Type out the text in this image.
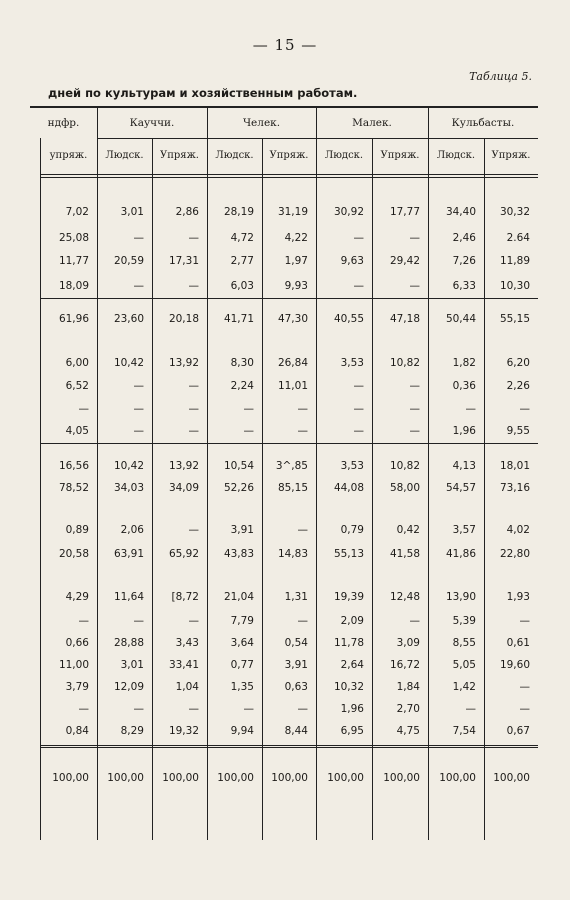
— 15 —
Таблица 5.
дней по культурам и хозяйственным работам.
ндфр.	Кауччи.	Челек.	Малек.	Кульбасты.
упряж.	Людск.	Упряж.	Людск.	Упряж.	Людск.	Упряж.	Людск.	Упряж.
7,02	3,01	2,86	28,19	31,19	30,92	17,77	34,40	30,32
25,08	—	—	4,72	4,22	—	—	2,46	2.64
11,77	20,59	17,31	2,77	1,97	9,63	29,42	7,26	11,89
18,09	—	—	6,03	9,93	—	—	6,33	10,30
61,96	23,60	20,18	41,71	47,30	40,55	47,18	50,44	55,15
6,00	10,42	13,92	8,30	26,84	3,53	10,82	1,82	6,20
6,52	—	—	2,24	11,01	—	—	0,36	2,26
—	—	—	—	—	—	—	—	—
4,05	—	—	—	—	—	—	1,96	9,55
16,56	10,42	13,92	10,54	3^,85	3,53	10,82	4,13	18,01
78,52	34,03	34,09	52,26	85,15	44,08	58,00	54,57	73,16
0,89	2,06	—	3,91	—	0,79	0,42	3,57	4,02
20,58	63,91	65,92	43,83	14,83	55,13	41,58	41,86	22,80
4,29	11,64	[8,72	21,04	1,31	19,39	12,48	13,90	1,93
—	—	—	7,79	—	2,09	—	5,39	—
0,66	28,88	3,43	3,64	0,54	11,78	3,09	8,55	0,61
11,00	3,01	33,41	0,77	3,91	2,64	16,72	5,05	19,60
3,79	12,09	1,04	1,35	0,63	10,32	1,84	1,42	—
—	—	—	—	—	1,96	2,70	—	—
0,84	8,29	19,32	9,94	8,44	6,95	4,75	7,54	0,67
100,00	100,00	100,00	100,00	100,00	100,00	100,00	100,00	100,00
